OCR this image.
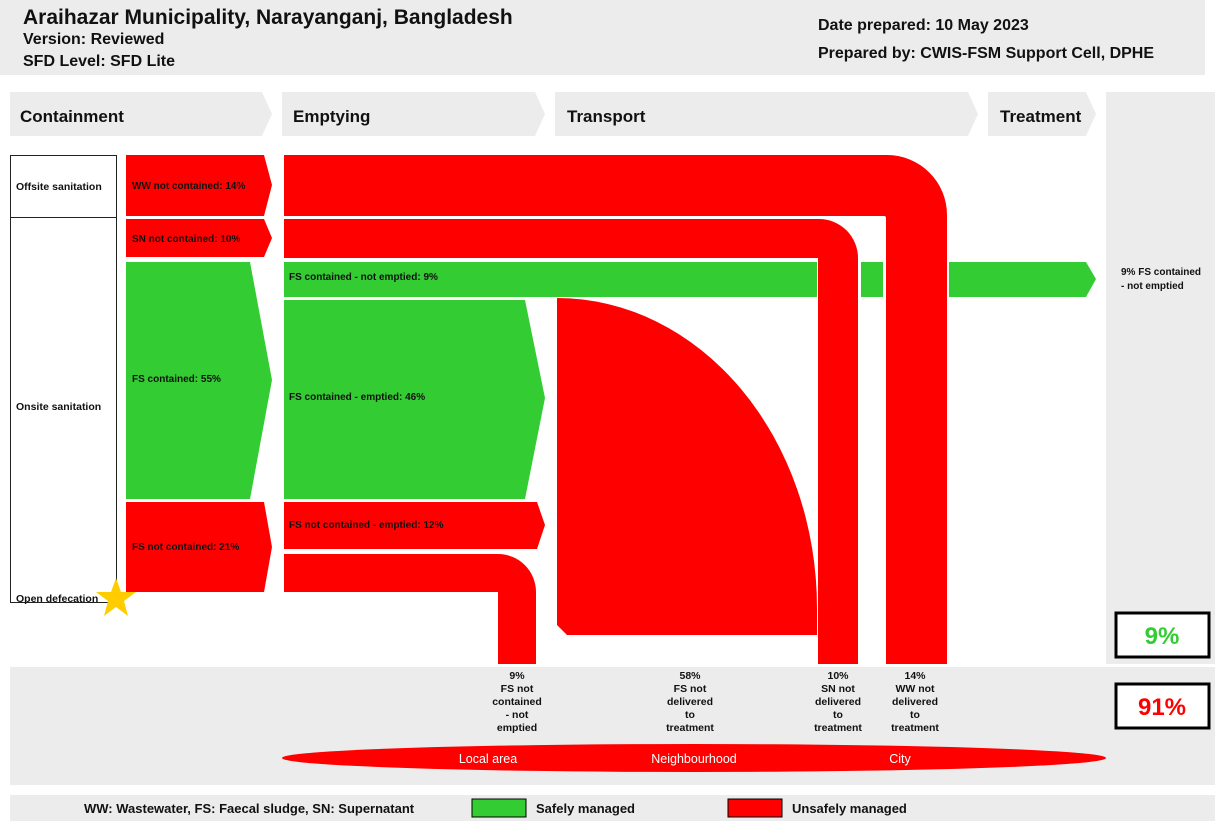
Araihazar Municipality, Narayanganj, Bangladesh
Version: Reviewed
SFD Level: SFD Lite
Date prepared: 10 May 2023
Prepared by: CWIS-FSM Support Cell, DPHE
Containment	Emptying	Transport	Treatment
Offsite sanitation
Onsite sanitation
Open defecation
WW not contained: 14%
SN not contained: 10%
FS contained: 55%
FS not contained: 21%
FS contained - not emptied: 9%
FS contained - emptied: 46%
FS not contained - emptied: 12%
9% FS contained
- not emptied
9%
91%
9%
FS not
contained
- not
emptied
58%
FS not
delivered
to
treatment
10%
SN not
delivered
to
treatment
14%
WW not
delivered
to
treatment
Local area	Neighbourhood	City
WW: Wastewater, FS: Faecal sludge, SN: Supernatant	Safely managed	Unsafely managed
